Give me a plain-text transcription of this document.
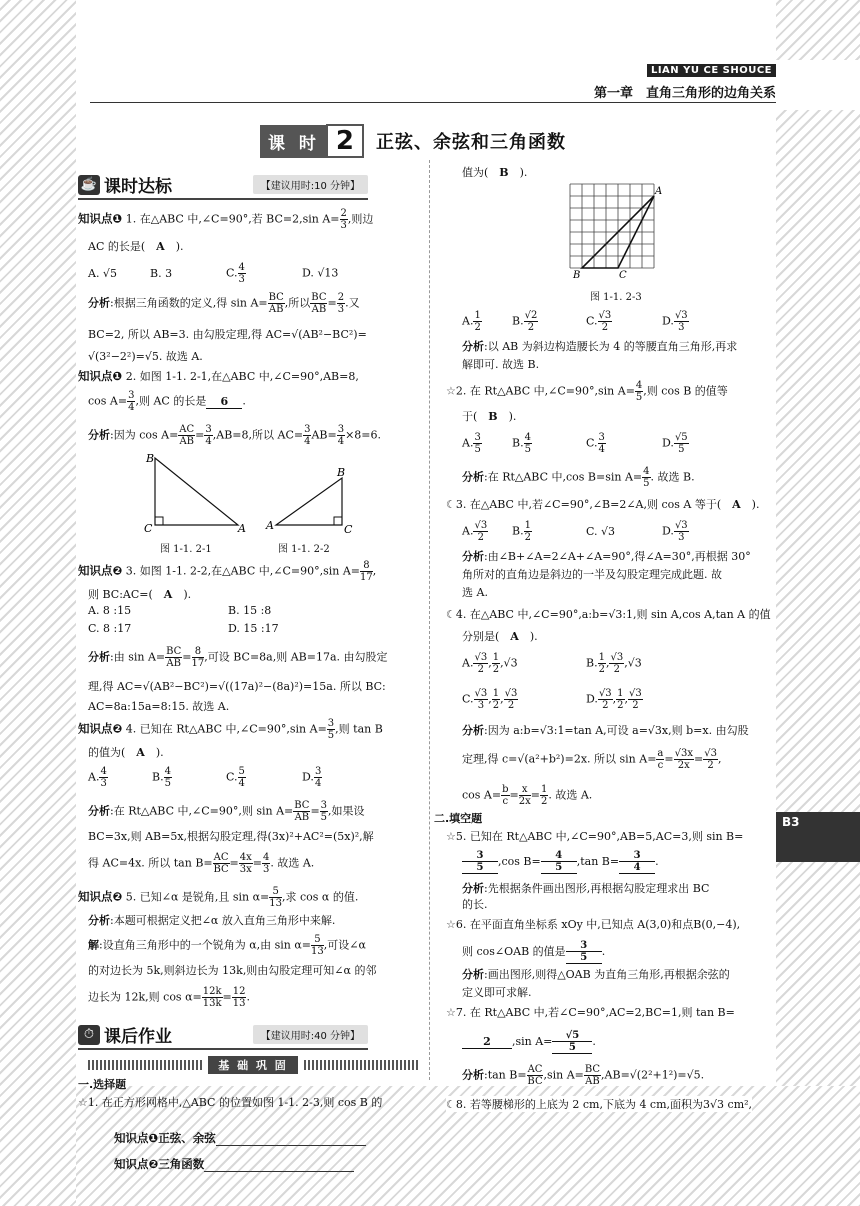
LIAN YU CE SHOUCE
第一章　直角三角形的边角关系
课 时 2	正弦、余弦和三角函数
☕ 课时达标	【建议用时:10 分钟】
知识点❶ 1. 在△ABC 中,∠C=90°,若 BC=2,sin $A= \frac{2}{3}$ ,则边
AC 的长是(　A　).
A. √5	B. 3	C. $\frac{4}{3}$	D. √13
分析:根据三角函数的定义,得 $\sin A= \frac{BC}{AB}$ ,所以 $\frac{BC}{AB} = \frac{2}{3}$ .又
BC=2, 所以 AB=3. 由勾股定理,得 AC=√(AB²−BC²)=
√(3²−2²)=√5. 故选 A.
知识点❶ 2. 如图 1-1. 2-1,在△ABC 中,∠C=90°,AB=8,
$\cos A= \frac{3}{4}$ ,则 AC 的长是 6 .
分析:因为 $\cos A= \frac{AC}{AB} = \frac{3}{4} ,AB=8$,所以 $AC= \frac{3}{4} AB= \frac{3}{4} \times 8=6$.
B
C	A
B
A	C
图 1-1. 2-1	图 1-1. 2-2
知识点❷ 3. 如图 1-1. 2-2,在△ABC 中,∠C=90°,sin $A= \frac{8}{17}$ ,
则 BC:AC=(　A　).
A. 8 :15	B. 15 :8
C. 8 :17	D. 15 :17
分析:由 $\sin A= \frac{BC}{AB} = \frac{8}{17}$ ,可设 BC=8a,则 AB=17a. 由勾股定
理,得 AC=√(AB²−BC²)=√((17a)²−(8a)²)=15a. 所以 BC:
AC=8a:15a=8:15. 故选 A.
知识点❷ 4. 已知在 Rt△ABC 中,∠C=90°,sin $A= \frac{3}{5}$ ,则 tan B
的值为(　A　).
A. $\frac{4}{3}$	B. $\frac{4}{5}$	C. $\frac{5}{4}$	D. $\frac{3}{4}$
分析:在 Rt△ABC 中,∠C=90°,则 $\sin A= \frac{BC}{AB} = \frac{3}{5}$ ,如果设
BC=3x,则 AB=5x,根据勾股定理,得(3x)²+AC²=(5x)²,解
得 AC=4x. 所以 $\tan B= \frac{AC}{BC} = \frac{4x}{3x} = \frac{4}{3}$ . 故选 A.
知识点❷ 5. 已知∠α 是锐角,且 $\sin \alpha= \frac{5}{13}$ ,求 cos α 的值.
分析:本题可根据定义把∠α 放入直角三角形中来解.
解:设直角三角形中的一个锐角为 α,由 $\sin \alpha= \frac{5}{13}$ ,可设∠α
的对边长为 5k,则斜边长为 13k,则由勾股定理可知∠α 的邻
边长为 12k,则 $\cos \alpha= \frac{12k}{13k} = \frac{12}{13}$ .
⏱ 课后作业	【建议用时:40 分钟】
基 础 巩 固
一.选择题
☆1. 在正方形网格中,△ABC 的位置如图 1-1. 2-3,则 cos B 的
值为(　B　).
B	C
A
图 1-1. 2-3
A. $\frac{1}{2}$	B. $\frac{√2}{2}$	C. $\frac{√3}{2}$	D. $\frac{√3}{3}$
分析:以 AB 为斜边构造腰长为 4 的等腰直角三角形,再求
解即可. 故选 B.
☆2. 在 Rt△ABC 中,∠C=90°,sin $A= \frac{4}{5}$ ,则 cos B 的值等
于(　B　).
A. $\frac{3}{5}$	B. $\frac{4}{5}$	C. $\frac{3}{4}$	D. $\frac{√5}{5}$
分析:在 Rt△ABC 中,cos B=sin $A= \frac{4}{5}$ . 故选 B.
☾3. 在△ABC 中,若∠C=90°,∠B=2∠A,则 cos A 等于(　A　).
A. $\frac{√3}{2} B$. $\frac{1}{2}$	C. √3	D. $\frac{√3}{3}$
分析:由∠B+∠A=2∠A+∠A=90°,得∠A=30°,再根据 30°
角所对的直角边是斜边的一半及勾股定理完成此题. 故
选 A.
☾4. 在△ABC 中,∠C=90°,a:b=√3:1,则 sin A,cos A,tan A 的值
分别是(　A　).
A. $\frac{√3}{2}$ , $\frac{1}{2} ,√3$	B. $\frac{1}{2}$ , $\frac{√3}{2} ,√3$
C. $\frac{√3}{3}$ , $\frac{1}{2}$ , $\frac{√3}{2}$	D. $\frac{√3}{2}$ , $\frac{1}{2}$ , $\frac{√3}{2}$
分析:因为 a:b=√3:1=tan A,可设 a=√3x,则 b=x. 由勾股
定理,得 c=√(a²+b²)=2x. 所以 $\sin A= \frac{a}{c} = \frac{√3x}{2x} = \frac{√3}{2}$ ,
$\cos A= \frac{b}{c} = \frac{x}{2x} = \frac{1}{2}$ . 故选 A.
二.填空题
☆5. 已知在 Rt△ABC 中,∠C=90°,AB=5,AC=3,则 sin B=
$\frac{3}{5} ,\cos$ $B= \frac{4}{5} ,\tan$ $B= \frac{3}{4}$ .
分析:先根据条件画出图形,再根据勾股定理求出 BC
的长.
☆6. 在平面直角坐标系 xOy 中,已知点 A(3,0)和点B(0,−4),
则 cos∠OAB 的值是 $\frac{3}{5}$ .
分析:画出图形,则得△OAB 为直角三角形,再根据余弦的
定义即可求解.
☆7. 在 Rt△ABC 中,若∠C=90°,AC=2,BC=1,则 tan B=
2 ,sin $A= \frac{√5}{5}$ .
分析:tan $B= \frac{AC}{BC} ,\sin$ $A= \frac{BC}{AB} ,AB=√(2^2+1^2)=√5$.
☾8. 若等腰梯形的上底为 2 cm,下底为 4 cm,面积为3√3 cm²,
B3
知识点❶正弦、余弦
知识点❷三角函数
